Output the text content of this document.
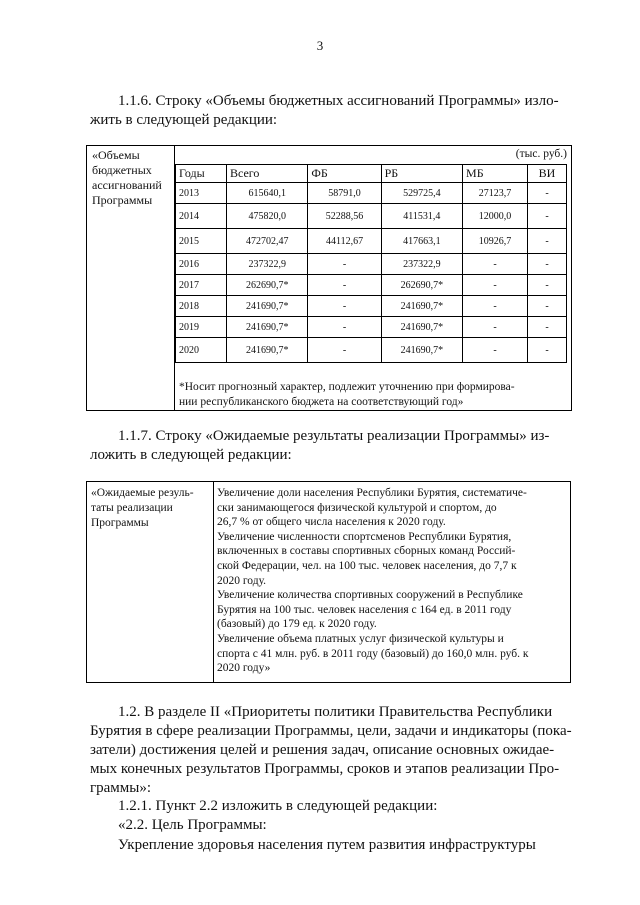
3
1.1.6. Строку «Объемы бюджетных ассигнований Программы» изло-
жить в следующей редакции:
«Объемы
бюджетных
ассигнований
Программы
(тыс. руб.)
Годы	Всего	ФБ	РБ	МБ	ВИ
2013	615640,1	58791,0	529725,4	27123,7	-
2014	475820,0	52288,56	411531,4	12000,0	-
2015	472702,47	44112,67	417663,1	10926,7	-
2016	237322,9	-	237322,9	-	-
2017	262690,7*	-	262690,7*	-	-
2018	241690,7*	-	241690,7*	-	-
2019	241690,7*	-	241690,7*	-	-
2020	241690,7*	-	241690,7*	-	-
*Носит прогнозный характер, подлежит уточнению при формирова-
нии республиканского бюджета на соответствующий год»
1.1.7. Строку «Ожидаемые результаты реализации Программы» из-
ложить в следующей редакции:
«Ожидаемые резуль-
таты реализации
Программы
Увеличение доли населения Республики Бурятия, систематиче-
ски занимающегося физической культурой и спортом, до
26,7 % от общего числа населения к 2020 году.
Увеличение численности спортсменов Республики Бурятия,
включенных в составы спортивных сборных команд Россий-
ской Федерации, чел. на 100 тыс. человек населения, до 7,7 к
2020 году.
Увеличение количества спортивных сооружений в Республике
Бурятия на 100 тыс. человек населения с 164 ед. в 2011 году
(базовый) до 179 ед. к 2020 году.
Увеличение объема платных услуг физической культуры и
спорта с 41 млн. руб. в 2011 году (базовый) до 160,0 млн. руб. к
2020 году»
1.2. В разделе II «Приоритеты политики Правительства Республики
Бурятия в сфере реализации Программы, цели, задачи и индикаторы (пока-
затели) достижения целей и решения задач, описание основных ожидае-
мых конечных результатов Программы, сроков и этапов реализации Про-
граммы»:
1.2.1. Пункт 2.2 изложить в следующей редакции:
«2.2. Цель Программы:
Укрепление здоровья населения путем развития инфраструктуры
